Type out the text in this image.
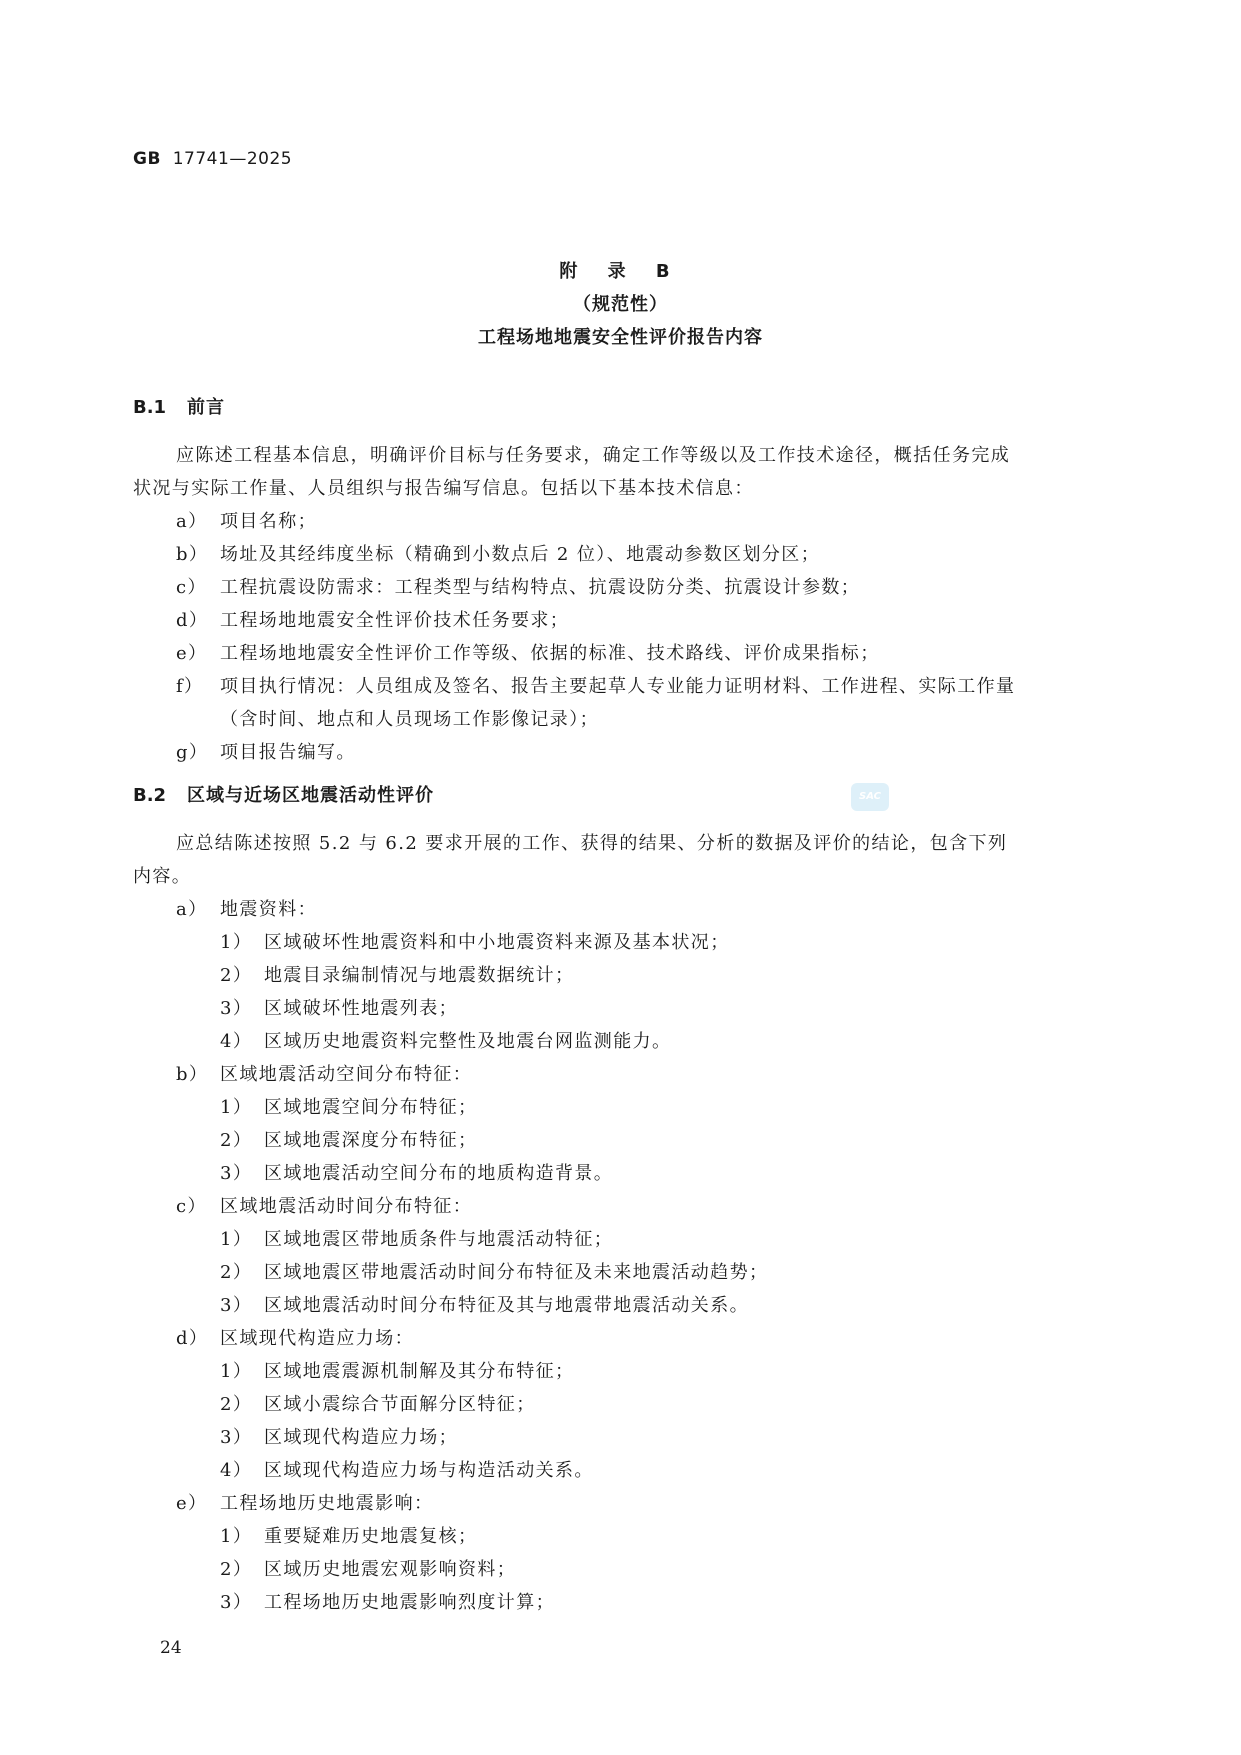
GB 17741—2025
附 录 B
（规范性）
工程场地地震安全性评价报告内容
B.1 前言
应陈述工程基本信息，明确评价目标与任务要求，确定工作等级以及工作技术途径，概括任务完成
状况与实际工作量、人员组织与报告编写信息。包括以下基本技术信息：
a） 项目名称；
b） 场址及其经纬度坐标（精确到小数点后 2 位）、地震动参数区划分区；
c） 工程抗震设防需求：工程类型与结构特点、抗震设防分类、抗震设计参数；
d） 工程场地地震安全性评价技术任务要求；
e） 工程场地地震安全性评价工作等级、依据的标准、技术路线、评价成果指标；
f） 项目执行情况：人员组成及签名、报告主要起草人专业能力证明材料、工作进程、实际工作量
（含时间、地点和人员现场工作影像记录）；
g） 项目报告编写。
B.2 区域与近场区地震活动性评价	SAC
应总结陈述按照 5.2 与 6.2 要求开展的工作、获得的结果、分析的数据及评价的结论，包含下列
内容。
a） 地震资料：
1） 区域破坏性地震资料和中小地震资料来源及基本状况；
2） 地震目录编制情况与地震数据统计；
3） 区域破坏性地震列表；
4） 区域历史地震资料完整性及地震台网监测能力。
b） 区域地震活动空间分布特征：
1） 区域地震空间分布特征；
2） 区域地震深度分布特征；
3） 区域地震活动空间分布的地质构造背景。
c） 区域地震活动时间分布特征：
1） 区域地震区带地质条件与地震活动特征；
2） 区域地震区带地震活动时间分布特征及未来地震活动趋势；
3） 区域地震活动时间分布特征及其与地震带地震活动关系。
d） 区域现代构造应力场：
1） 区域地震震源机制解及其分布特征；
2） 区域小震综合节面解分区特征；
3） 区域现代构造应力场；
4） 区域现代构造应力场与构造活动关系。
e） 工程场地历史地震影响：
1） 重要疑难历史地震复核；
2） 区域历史地震宏观影响资料；
3） 工程场地历史地震影响烈度计算；
24
